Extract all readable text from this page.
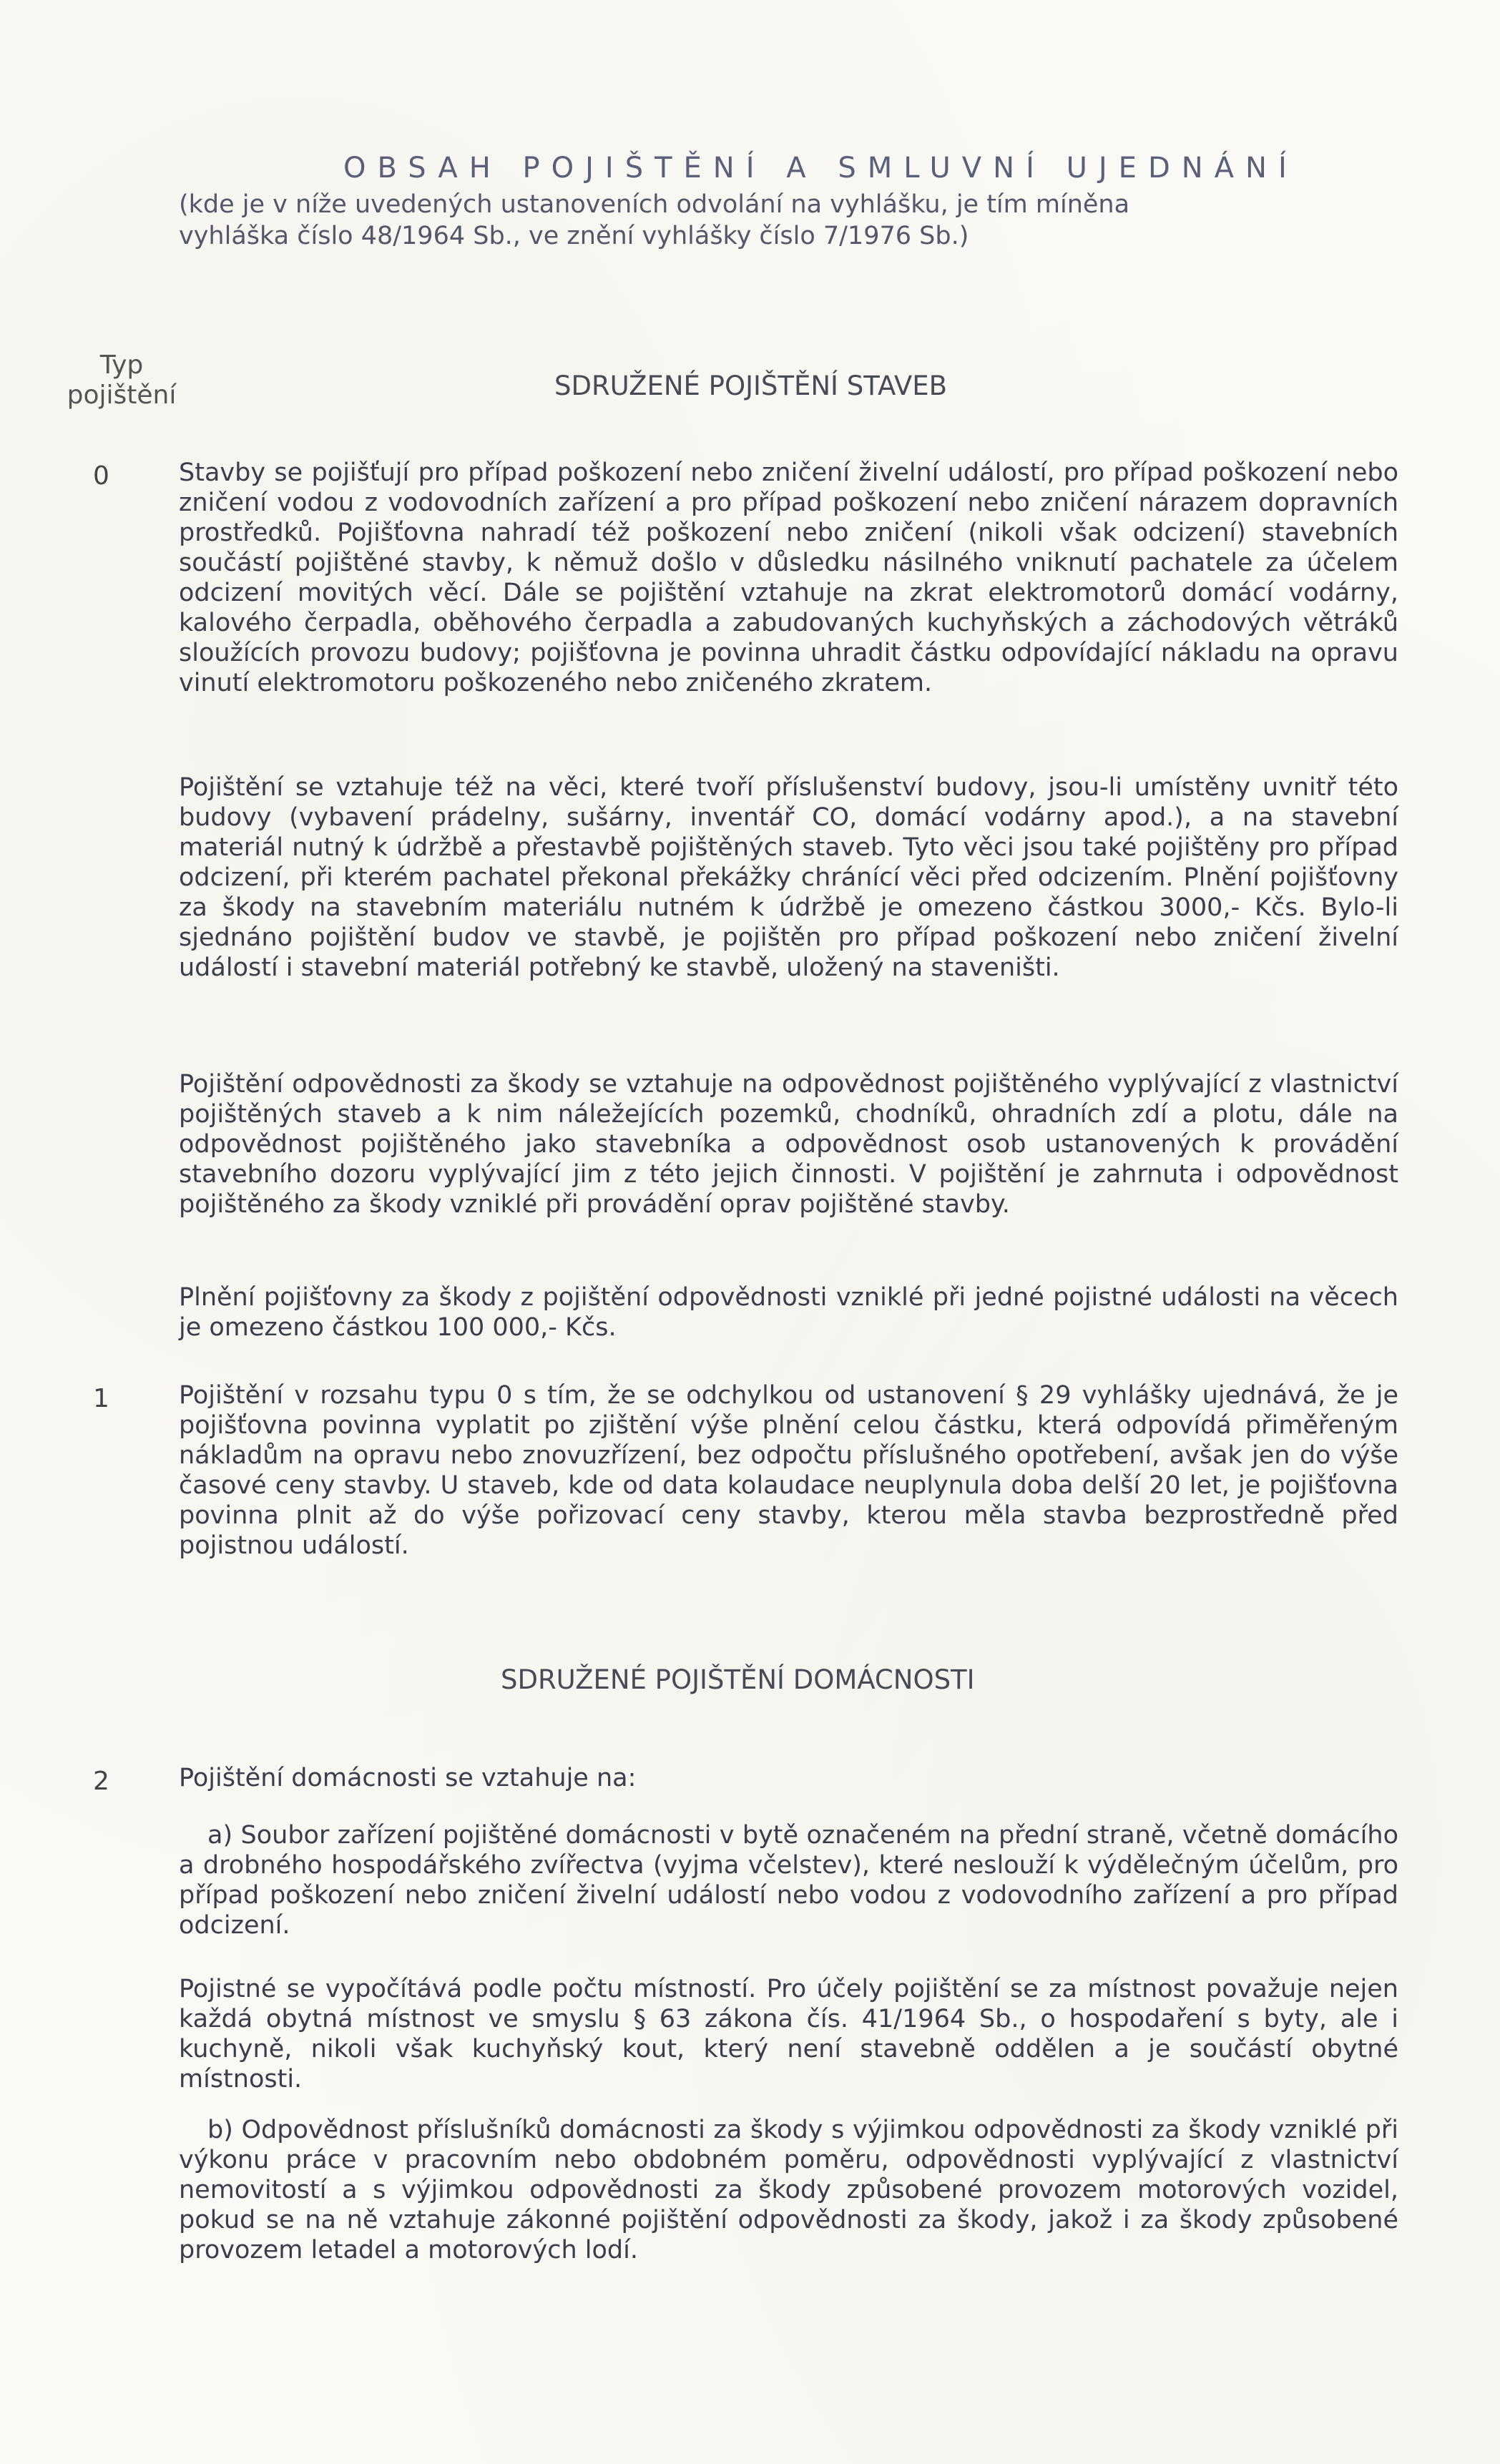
OBSAH POJIŠTĚNÍ A SMLUVNÍ UJEDNÁNÍ
(kde je v níže uvedených ustanoveních odvolání na vyhlášku, je tím míněna
vyhláška číslo 48/1964 Sb., ve znění vyhlášky číslo 7/1976 Sb.)
Typ
pojištění	SDRUŽENÉ POJIŠTĚNÍ STAVEB
0	Stavby se pojišťují pro případ poškození nebo zničení živelní událostí, pro případ poškození nebo zničení vodou z vodovodních zařízení a pro případ poškození nebo zničení nárazem dopravních prostředků. Pojišťovna nahradí též poškození nebo zničení (nikoli však odcizení) stavebních součástí pojištěné stavby, k němuž došlo v důsledku násilného vniknutí pachatele za účelem odcizení movitých věcí. Dále se pojištění vztahuje na zkrat elektromotorů domácí vodárny, kalového čerpadla, oběhového čerpadla a zabudovaných kuchyňských a záchodových větráků sloužících provozu budovy; pojišťovna je povinna uhradit částku odpovídající nákladu na opravu vinutí elektromotoru poškozeného nebo zničeného zkratem.

Pojištění se vztahuje též na věci, které tvoří příslušenství budovy, jsou-li umístěny uvnitř této budovy (vybavení prádelny, sušárny, inventář CO, domácí vodárny apod.), a na stavební materiál nutný k údržbě a přestavbě pojištěných staveb. Tyto věci jsou také pojištěny pro případ odcizení, při kterém pachatel překonal překážky chránící věci před odcizením. Plnění pojišťovny za škody na stavebním materiálu nutném k údržbě je omezeno částkou 3000,- Kčs. Bylo-li sjednáno pojištění budov ve stavbě, je pojištěn pro případ poškození nebo zničení živelní událostí i stavební materiál potřebný ke stavbě, uložený na staveništi.

Pojištění odpovědnosti za škody se vztahuje na odpovědnost pojištěného vyplývající z vlastnictví pojištěných staveb a k nim náležejících pozemků, chodníků, ohradních zdí a plotu, dále na odpovědnost pojištěného jako stavebníka a odpovědnost osob ustanovených k provádění stavebního dozoru vyplývající jim z této jejich činnosti. V pojištění je zahrnuta i odpovědnost pojištěného za škody vzniklé při provádění oprav pojištěné stavby.

Plnění pojišťovny za škody z pojištění odpovědnosti vzniklé při jedné pojistné události na věcech je omezeno částkou 100 000,- Kčs.

1	Pojištění v rozsahu typu 0 s tím, že se odchylkou od ustanovení § 29 vyhlášky ujednává, že je pojišťovna povinna vyplatit po zjištění výše plnění celou částku, která odpovídá přiměřeným nákladům na opravu nebo znovuzřízení, bez odpočtu příslušného opotřebení, avšak jen do výše časové ceny stavby. U staveb, kde od data kolaudace neuplynula doba delší 20 let, je pojišťovna povinna plnit až do výše pořizovací ceny stavby, kterou měla stavba bezprostředně před pojistnou událostí.

SDRUŽENÉ POJIŠTĚNÍ DOMÁCNOSTI
2	Pojištění domácnosti se vztahuje na:

a) Soubor zařízení pojištěné domácnosti v bytě označeném na přední straně, včetně domácího a drobného hospodářského zvířectva (vyjma včelstev), které neslouží k výdělečným účelům, pro případ poškození nebo zničení živelní událostí nebo vodou z vodovodního zařízení a pro případ odcizení.

Pojistné se vypočítává podle počtu místností. Pro účely pojištění se za místnost považuje nejen každá obytná místnost ve smyslu § 63 zákona čís. 41/1964 Sb., o hospodaření s byty, ale i kuchyně, nikoli však kuchyňský kout, který není stavebně oddělen a je součástí obytné místnosti.

b) Odpovědnost příslušníků domácnosti za škody s výjimkou odpovědnosti za škody vzniklé při výkonu práce v pracovním nebo obdobném poměru, odpovědnosti vyplývající z vlastnictví nemovitostí a s výjimkou odpovědnosti za škody způsobené provozem motorových vozidel, pokud se na ně vztahuje zákonné pojištění odpovědnosti za škody, jakož i za škody způsobené provozem letadel a motorových lodí.
